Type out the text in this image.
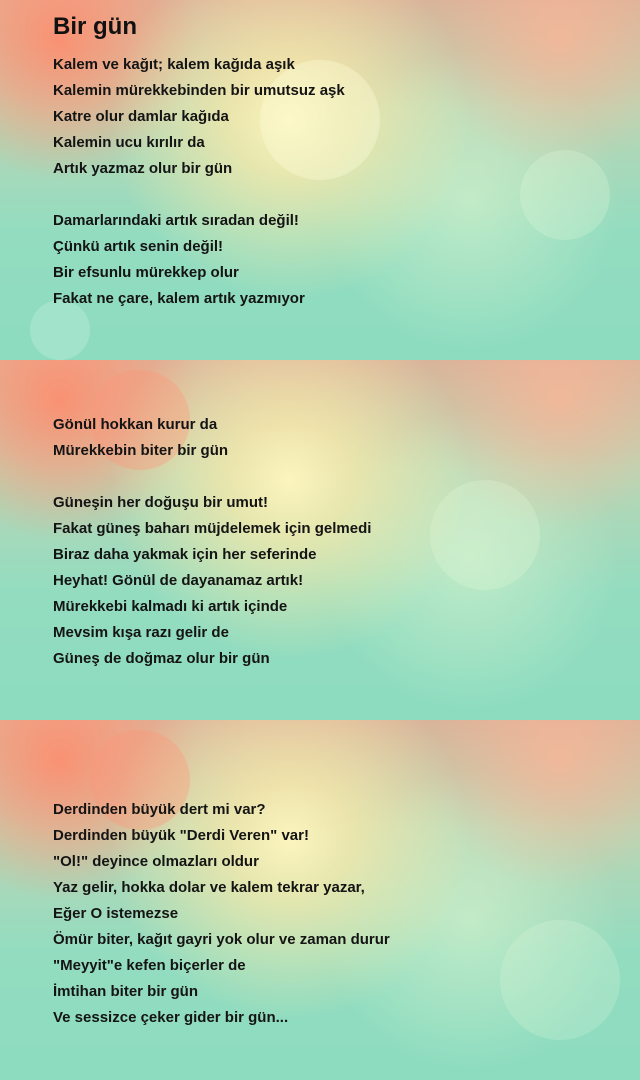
Bir gün
Kalem ve kağıt; kalem kağıda aşık
Kalemin mürekkebinden bir umutsuz aşk
Katre olur damlar kağıda
Kalemin ucu kırılır da
Artık yazmaz olur bir gün
Damarlarındaki artık sıradan değil!
Çünkü artık senin değil!
Bir efsunlu mürekkep olur
Fakat ne çare, kalem artık yazmıyor
Gönül hokkan kurur da
Mürekkebin biter bir gün
Güneşin her doğuşu bir umut!
Fakat güneş baharı müjdelemek için gelmedi
Biraz daha yakmak için her seferinde
Heyhat! Gönül de dayanamaz artık!
Mürekkebi kalmadı ki artık içinde
Mevsim kışa razı gelir de
Güneş de doğmaz olur bir gün
Derdinden büyük dert mi var?
Derdinden büyük "Derdi Veren" var!
"Ol!" deyince olmazları oldur
Yaz gelir, hokka dolar ve kalem tekrar yazar,
Eğer O istemezse
Ömür biter, kağıt gayri yok olur ve zaman durur
"Meyyit"e kefen biçerler de
İmtihan biter bir gün
Ve sessizce çeker gider bir gün...
